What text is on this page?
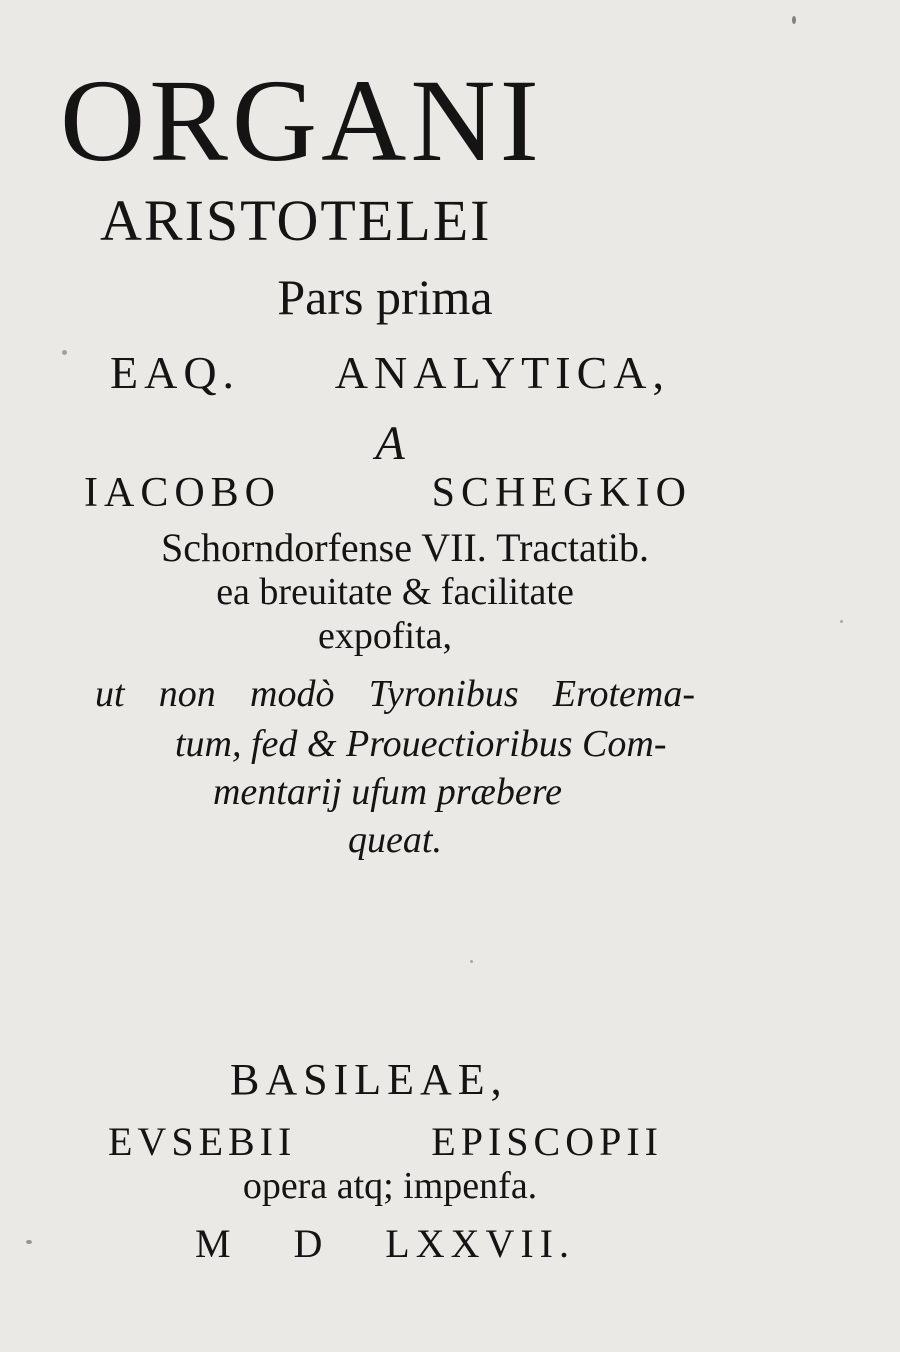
ORGANI
ARISTOTELEI
Pars prima
EAQ. ANALYTICA,
A
IACOBO SCHEGKIO
Schorndorfense VII. Tractatib.
ea breuitate & facilitate
expofita,
ut non modò Tyronibus Erotema-
tum, fed & Prouectioribus Com-
mentarij ufum præbere
queat.
BASILEAE,
EVSEBII EPISCOPII
opera atq; impenfa.
M D LXXVII.
